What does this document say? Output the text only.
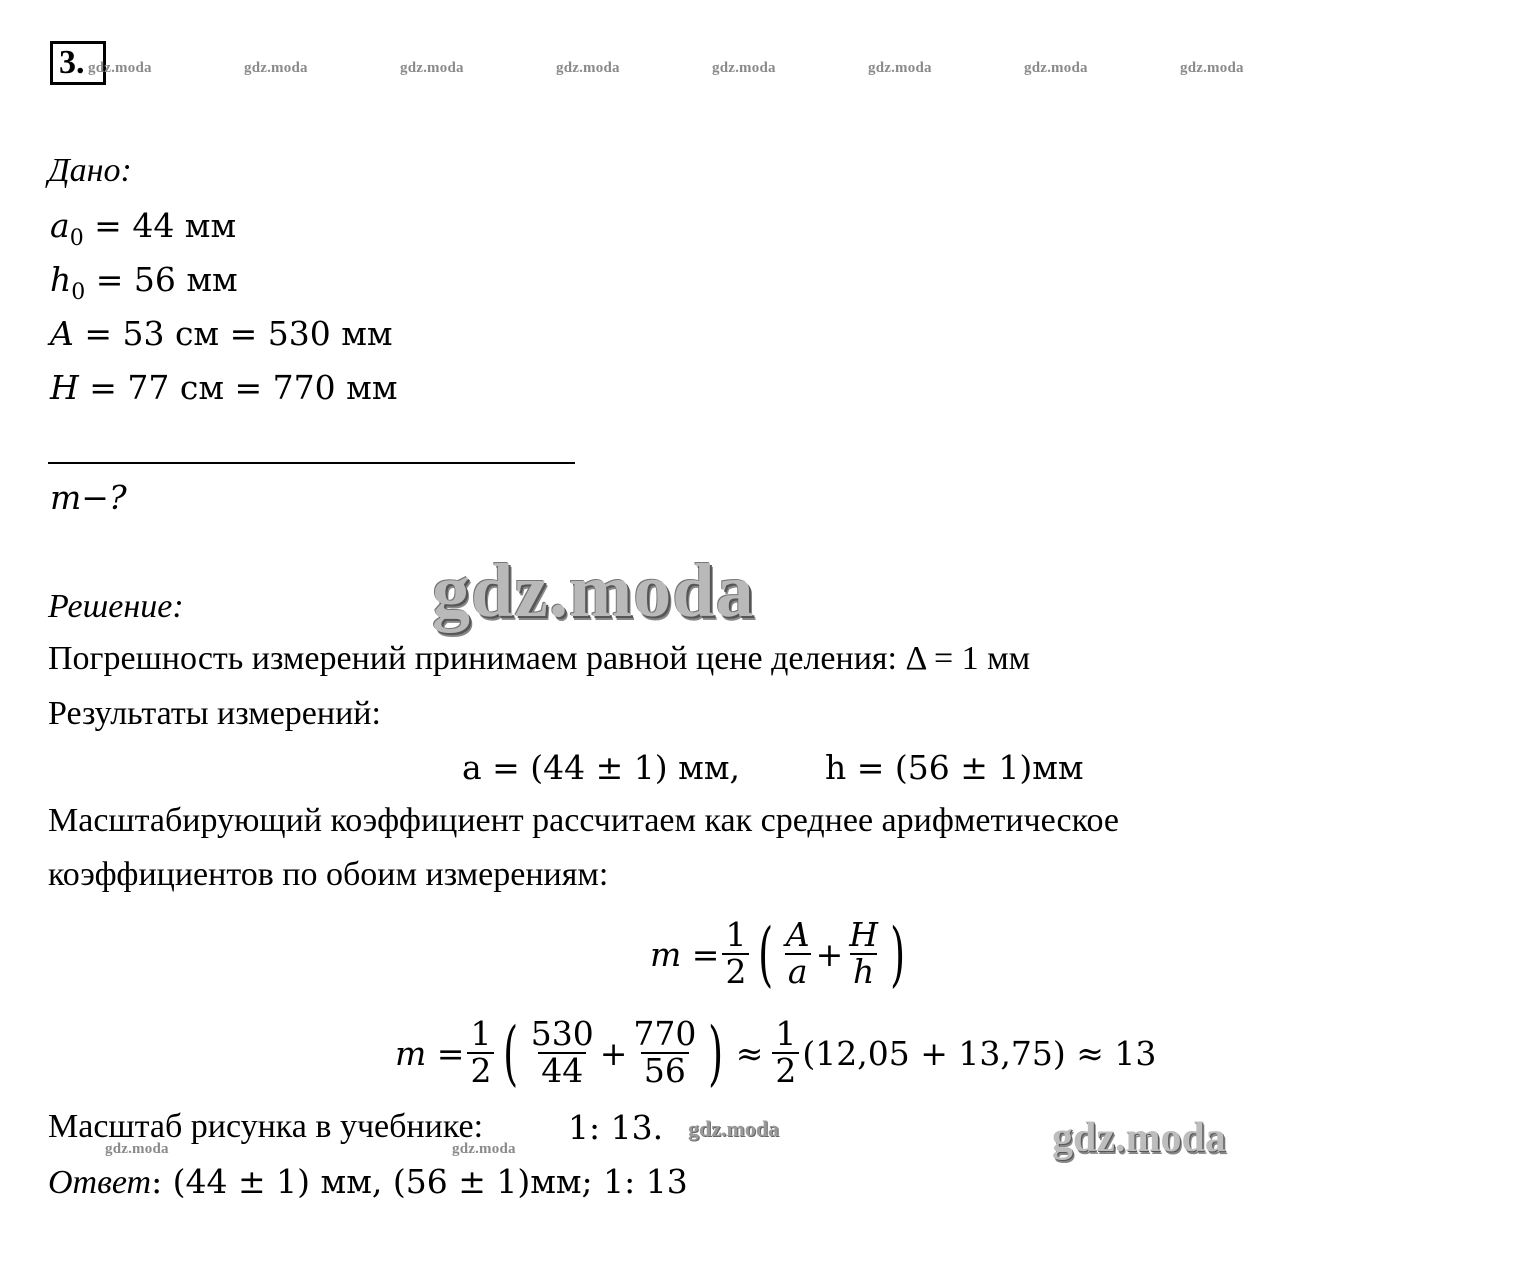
3. gdz.moda	gdz.moda	gdz.moda	gdz.moda	gdz.moda	gdz.moda	gdz.moda	gdz.moda
Дано:
$a_0 = 44$ мм
$h_0 = 56$ мм
A = 53 см = 530 мм
H = 77 см = 770 мм
m−?
Решение:
Погрешность измерений принимаем равной цене деления: Δ = 1 мм
Результаты измерений:
a = (44 ± 1) мм,	h = (56 ± 1)мм
Масштабирующий коэффициент рассчитаем как среднее арифметическое
коэффициентов по обоим измерениям:
$m = \frac{1}{2}$ ( $\frac{A}{a} + \frac{H}{h}$ )
$m = \frac{1}{2}$ ( $\frac{530}{44} + \frac{770}{56}$ ) ≈ $\frac{1}{2} (12,05 + 13,75) \approx 13$
Масштаб рисунка в учебнике:	1: 13.
Ответ: (44 ± 1) мм, (56 ± 1)мм; 1: 13
gdz.moda
gdz.moda	gdz.moda
gdz.moda	gdz.moda
